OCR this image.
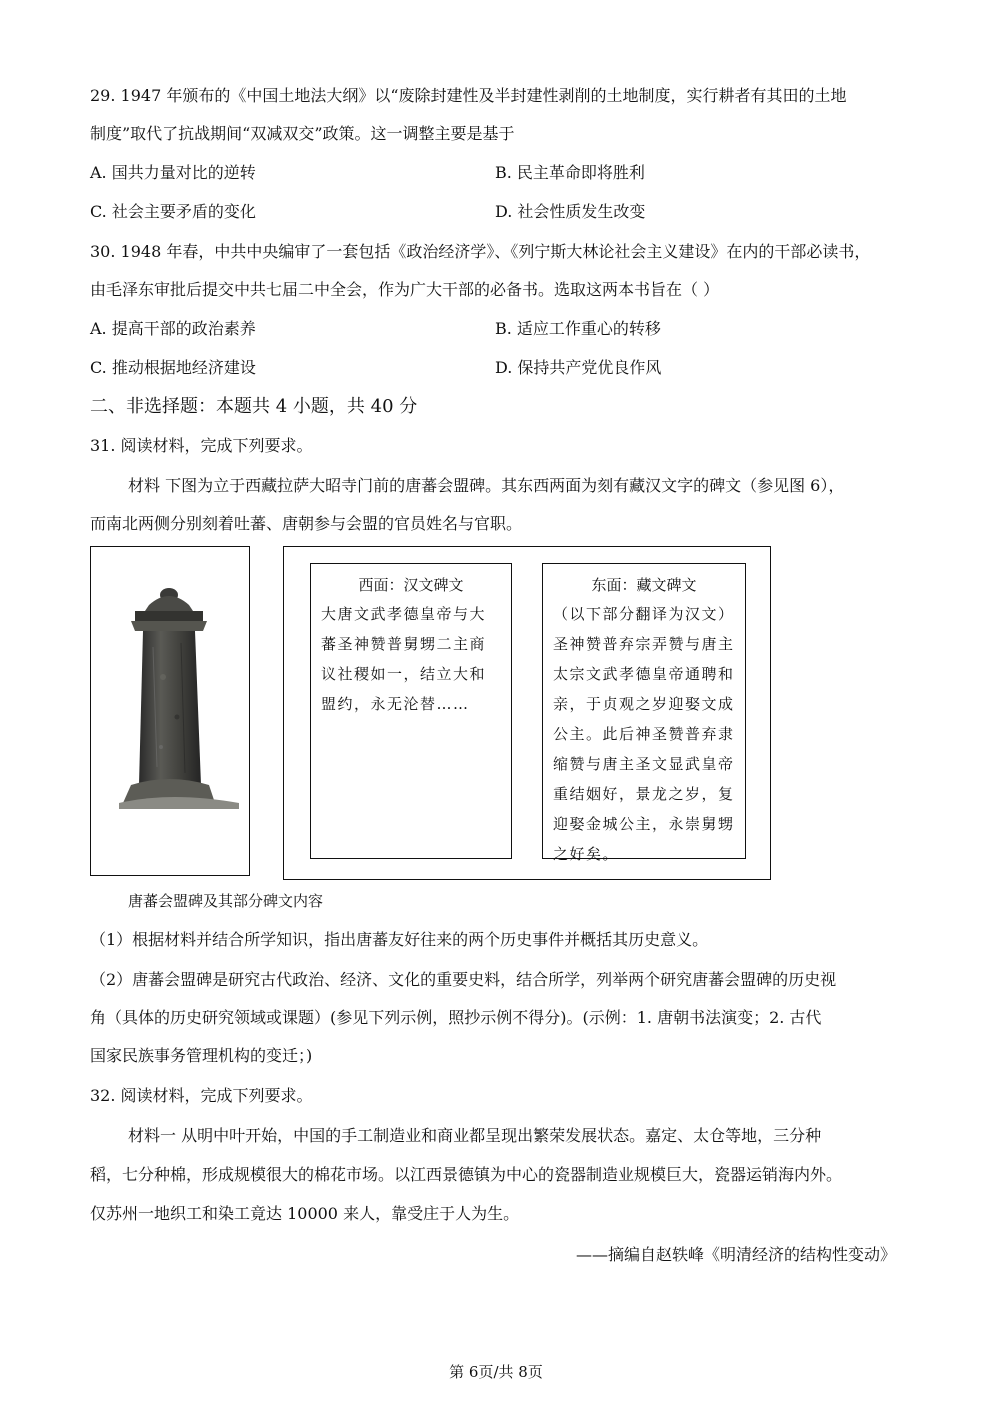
29. 1947 年颁布的《中国土地法大纲》以“废除封建性及半封建性剥削的土地制度，实行耕者有其田的土地
制度”取代了抗战期间“双减双交”政策。这一调整主要是基于
A. 国共力量对比的逆转	B. 民主革命即将胜利
C. 社会主要矛盾的变化	D. 社会性质发生改变
30. 1948 年春，中共中央编审了一套包括《政治经济学》、《列宁斯大林论社会主义建设》在内的干部必读书，
由毛泽东审批后提交中共七届二中全会，作为广大干部的必备书。选取这两本书旨在（ ）
A. 提高干部的政治素养	B. 适应工作重心的转移
C. 推动根据地经济建设	D. 保持共产党优良作风
二、非选择题：本题共 4 小题，共 40 分
31. 阅读材料，完成下列要求。
材料 下图为立于西藏拉萨大昭寺门前的唐蕃会盟碑。其东西两面为刻有藏汉文字的碑文（参见图 6），
而南北两侧分别刻着吐蕃、唐朝参与会盟的官员姓名与官职。
西面：汉文碑文
大唐文武孝德皇帝与大蕃圣神赞普舅甥二主商议社稷如一，结立大和盟约，永无沦替……
东面：藏文碑文
（以下部分翻译为汉文）圣神赞普弃宗弄赞与唐主太宗文武孝德皇帝通聘和亲，于贞观之岁迎娶文成公主。此后神圣赞普弃隶缩赞与唐主圣文显武皇帝重结姻好，景龙之岁，复迎娶金城公主，永崇舅甥之好矣。
唐蕃会盟碑及其部分碑文内容
（1）根据材料并结合所学知识，指出唐蕃友好往来的两个历史事件并概括其历史意义。
（2）唐蕃会盟碑是研究古代政治、经济、文化的重要史料，结合所学，列举两个研究唐蕃会盟碑的历史视
角（具体的历史研究领域或课题）(参见下列示例，照抄示例不得分)。(示例：1. 唐朝书法演变；2. 古代
国家民族事务管理机构的变迁；)
32. 阅读材料，完成下列要求。
材料一 从明中叶开始，中国的手工制造业和商业都呈现出繁荣发展状态。嘉定、太仓等地，三分种
稻，七分种棉，形成规模很大的棉花市场。以江西景德镇为中心的瓷器制造业规模巨大，瓷器运销海内外。
仅苏州一地织工和染工竟达 10000 来人，靠受庄于人为生。
——摘编自赵轶峰《明清经济的结构性变动》
第 6页/共 8页
